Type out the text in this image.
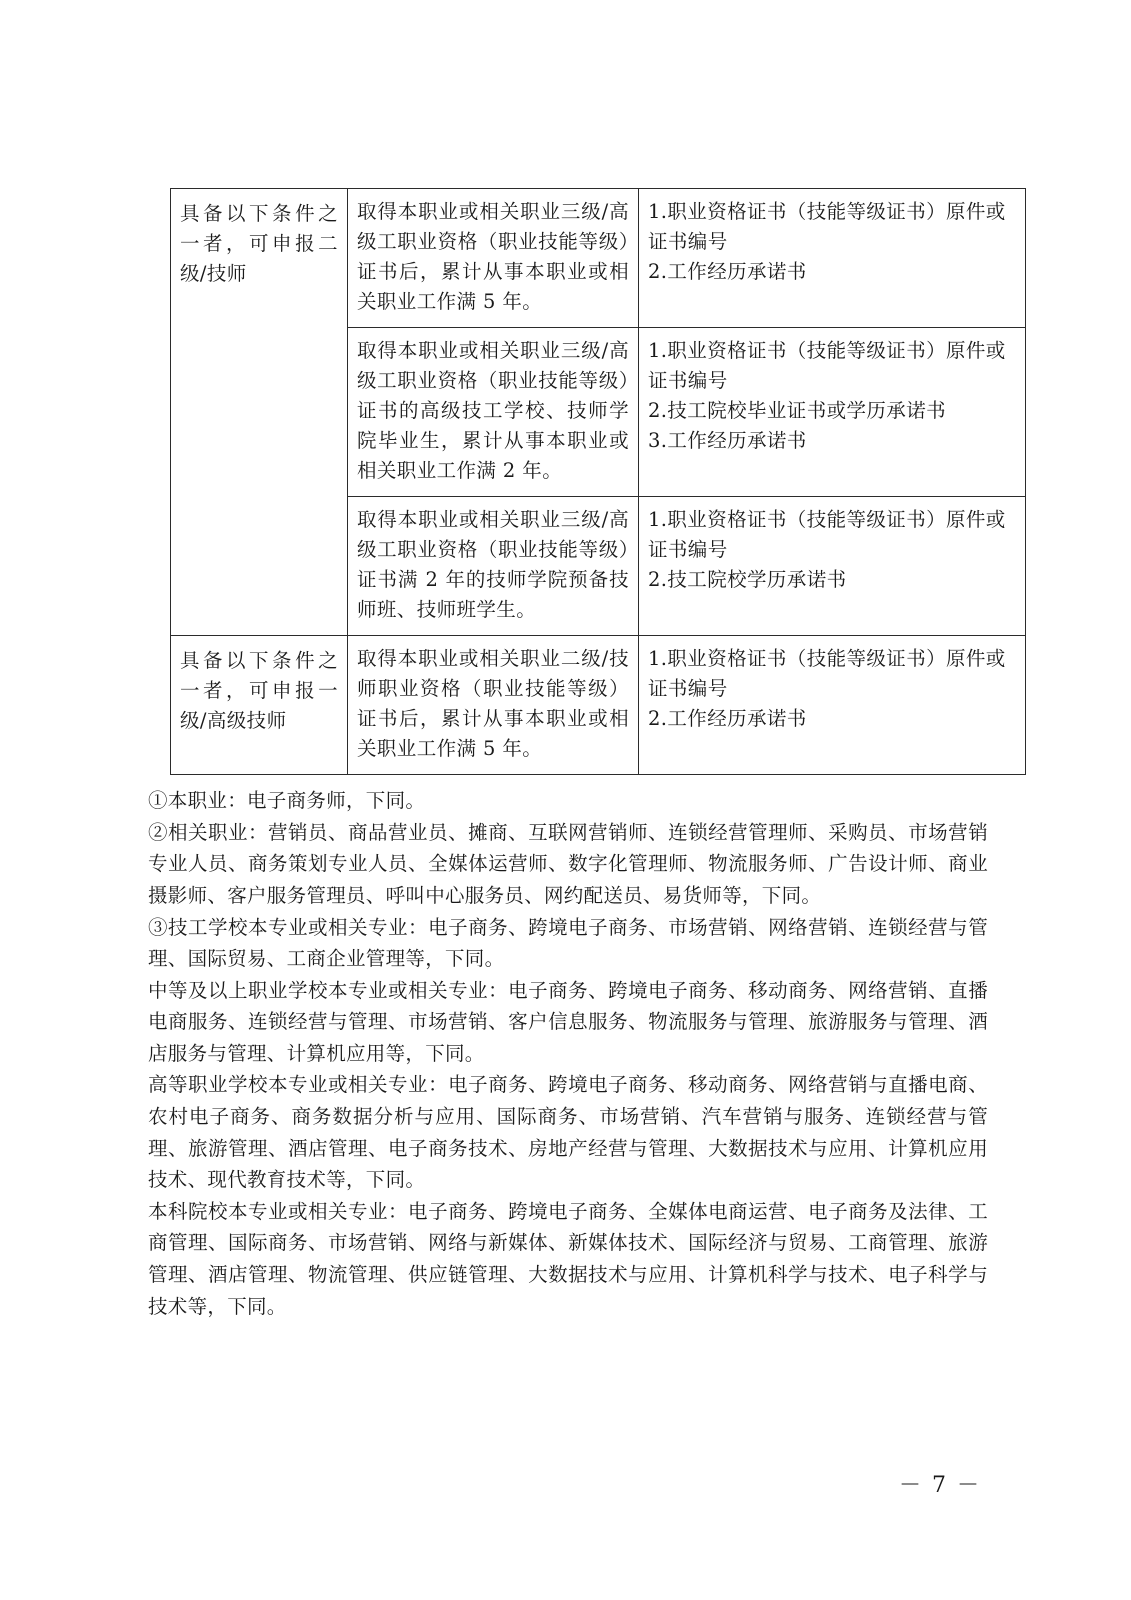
具备以下条件之一者，可申报二级/技师	取得本职业或相关职业三级/高级工职业资格（职业技能等级）证书后，累计从事本职业或相关职业工作满 5 年。	1.职业资格证书（技能等级证书）原件或证书编号
2.工作经历承诺书

	取得本职业或相关职业三级/高级工职业资格（职业技能等级）证书的高级技工学校、技师学院毕业生，累计从事本职业或相关职业工作满 2 年。	1.职业资格证书（技能等级证书）原件或证书编号
2.技工院校毕业证书或学历承诺书
3.工作经历承诺书

	取得本职业或相关职业三级/高级工职业资格（职业技能等级）证书满 2 年的技师学院预备技师班、技师班学生。	1.职业资格证书（技能等级证书）原件或证书编号
2.技工院校学历承诺书

具备以下条件之一者，可申报一级/高级技师	取得本职业或相关职业二级/技师职业资格（职业技能等级）证书后，累计从事本职业或相关职业工作满 5 年。	1.职业资格证书（技能等级证书）原件或证书编号
2.工作经历承诺书

①本职业：电子商务师，下同。

②相关职业：营销员、商品营业员、摊商、互联网营销师、连锁经营管理师、采购员、市场营销专业人员、商务策划专业人员、全媒体运营师、数字化管理师、物流服务师、广告设计师、商业摄影师、客户服务管理员、呼叫中心服务员、网约配送员、易货师等，下同。

③技工学校本专业或相关专业：电子商务、跨境电子商务、市场营销、网络营销、连锁经营与管理、国际贸易、工商企业管理等，下同。

中等及以上职业学校本专业或相关专业：电子商务、跨境电子商务、移动商务、网络营销、直播电商服务、连锁经营与管理、市场营销、客户信息服务、物流服务与管理、旅游服务与管理、酒店服务与管理、计算机应用等，下同。

高等职业学校本专业或相关专业：电子商务、跨境电子商务、移动商务、网络营销与直播电商、农村电子商务、商务数据分析与应用、国际商务、市场营销、汽车营销与服务、连锁经营与管理、旅游管理、酒店管理、电子商务技术、房地产经营与管理、大数据技术与应用、计算机应用技术、现代教育技术等，下同。

本科院校本专业或相关专业：电子商务、跨境电子商务、全媒体电商运营、电子商务及法律、工商管理、国际商务、市场营销、网络与新媒体、新媒体技术、国际经济与贸易、工商管理、旅游管理、酒店管理、物流管理、供应链管理、大数据技术与应用、计算机科学与技术、电子科学与技术等，下同。

－ 7 －
